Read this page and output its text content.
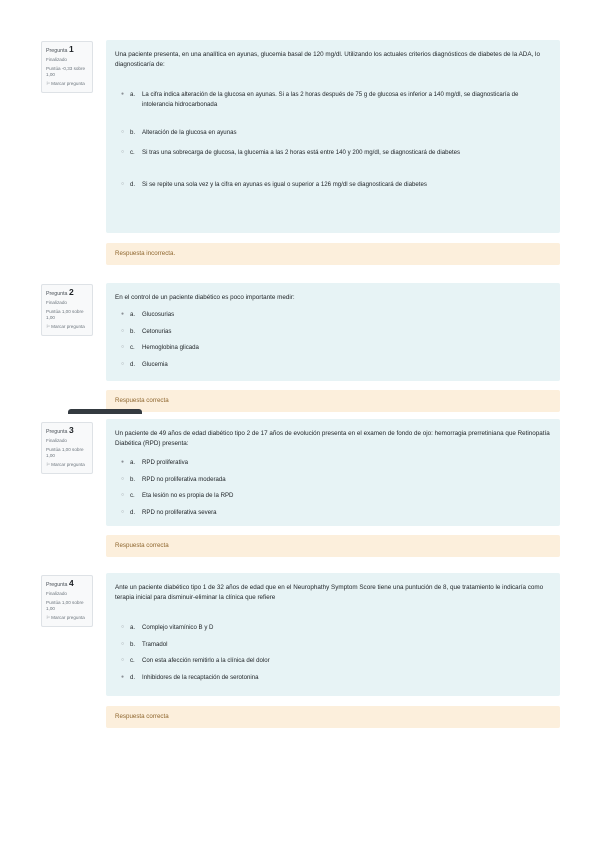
Pregunta 1
Finalizado
Puntúa -0,33 sobre 1,00
⚐Marcar pregunta
Una paciente presenta, en una analítica en ayunas, glucemia basal de 120 mg/dl. Utilizando los actuales criterios diagnósticos de diabetes de la ADA, lo diagnosticaría de:
● a. La cifra indica alteración de la glucosa en ayunas. Si a las 2 horas después de 75 g de glucosa es inferior a 140 mg/dl, se diagnosticaría de intolerancia hidrocarbonada
○ b. Alteración de la glucosa en ayunas
○ c. Si tras una sobrecarga de glucosa, la glucemia a las 2 horas está entre 140 y 200 mg/dl, se diagnosticará de diabetes
○ d. Si se repite una sola vez y la cifra en ayunas es igual o superior a 126 mg/dl se diagnosticará de diabetes
Respuesta incorrecta.
Pregunta 2
Finalizado
Puntúa 1,00 sobre 1,00
⚐Marcar pregunta
En el control de un paciente diabético es poco importante medir:
● a. Glucosurias
○ b. Cetonurias
○ c. Hemoglobina glicada
○ d. Glucemia
Respuesta correcta
Pregunta 3
Finalizado
Puntúa 1,00 sobre 1,00
⚐Marcar pregunta
Un paciente de 49 años de edad diabético tipo 2 de 17 años de evolución presenta en el examen de fondo de ojo: hemorragia prerretiniana que Retinopatía Diabética (RPD) presenta:
● a. RPD proliferativa
○ b. RPD no proliferativa moderada
○ c. Eta lesión no es propia de la RPD
○ d. RPD no proliferativa severa
Respuesta correcta
Pregunta 4
Finalizado
Puntúa 1,00 sobre 1,00
⚐Marcar pregunta
Ante un paciente diabético tipo 1 de 32 años de edad que en el Neurophathy Symptom Score tiene una puntución de 8, que tratamiento le indicaría como terapia inicial para disminuir-eliminar la clínica que refiere
○ a. Complejo vitamínico B y D
○ b. Tramadol
○ c. Con esta afección remitirlo a la clínica del dolor
● d. Inhibidores de la recaptación de serotonina
Respuesta correcta
